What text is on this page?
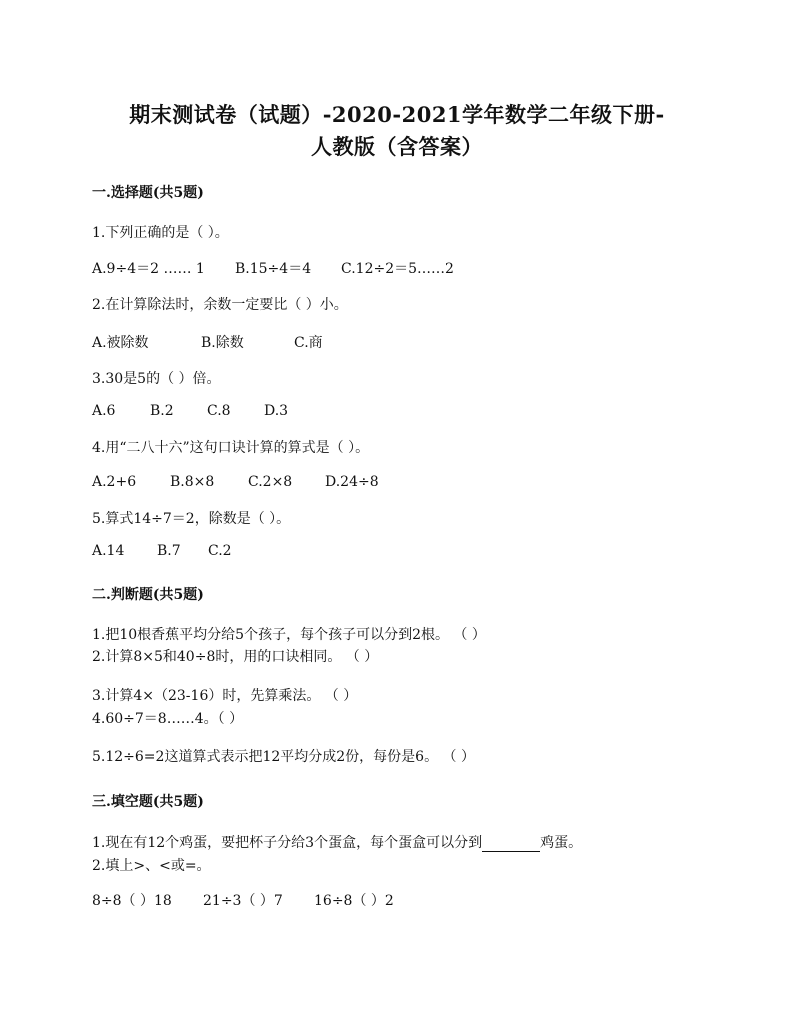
期末测试卷（试题）-2020-2021学年数学二年级下册-
人教版（含答案）
一.选择题(共5题)
1.下列正确的是（ ）。
A.9÷4＝2 …… 1 B.15÷4＝4 C.12÷2＝5……2
2.在计算除法时，余数一定要比（ ）小。
A.被除数	B.除数	C.商
3.30是5的（ ）倍。
A.6 B.2 C.8 D.3
4.用“二八十六”这句口诀计算的算式是（ ）。
A.2+6 B.8×8 C.2×8 D.24÷8
5.算式14÷7＝2，除数是（ ）。
A.14 B.7 C.2
二.判断题(共5题)
1.把10根香蕉平均分给5个孩子，每个孩子可以分到2根。 （ ）
2.计算8×5和40÷8时，用的口诀相同。 （ ）
3.计算4×（23-16）时，先算乘法。 （ ）
4.60÷7＝8……4。（ ）
5.12÷6=2这道算式表示把12平均分成2份，每份是6。 （ ）
三.填空题(共5题)
1.现在有12个鸡蛋，要把杯子分给3个蛋盒，每个蛋盒可以分到	鸡蛋。
2.填上>、<或=。
8÷8（ ）18 21÷3（ ）7 16÷8（ ）2
